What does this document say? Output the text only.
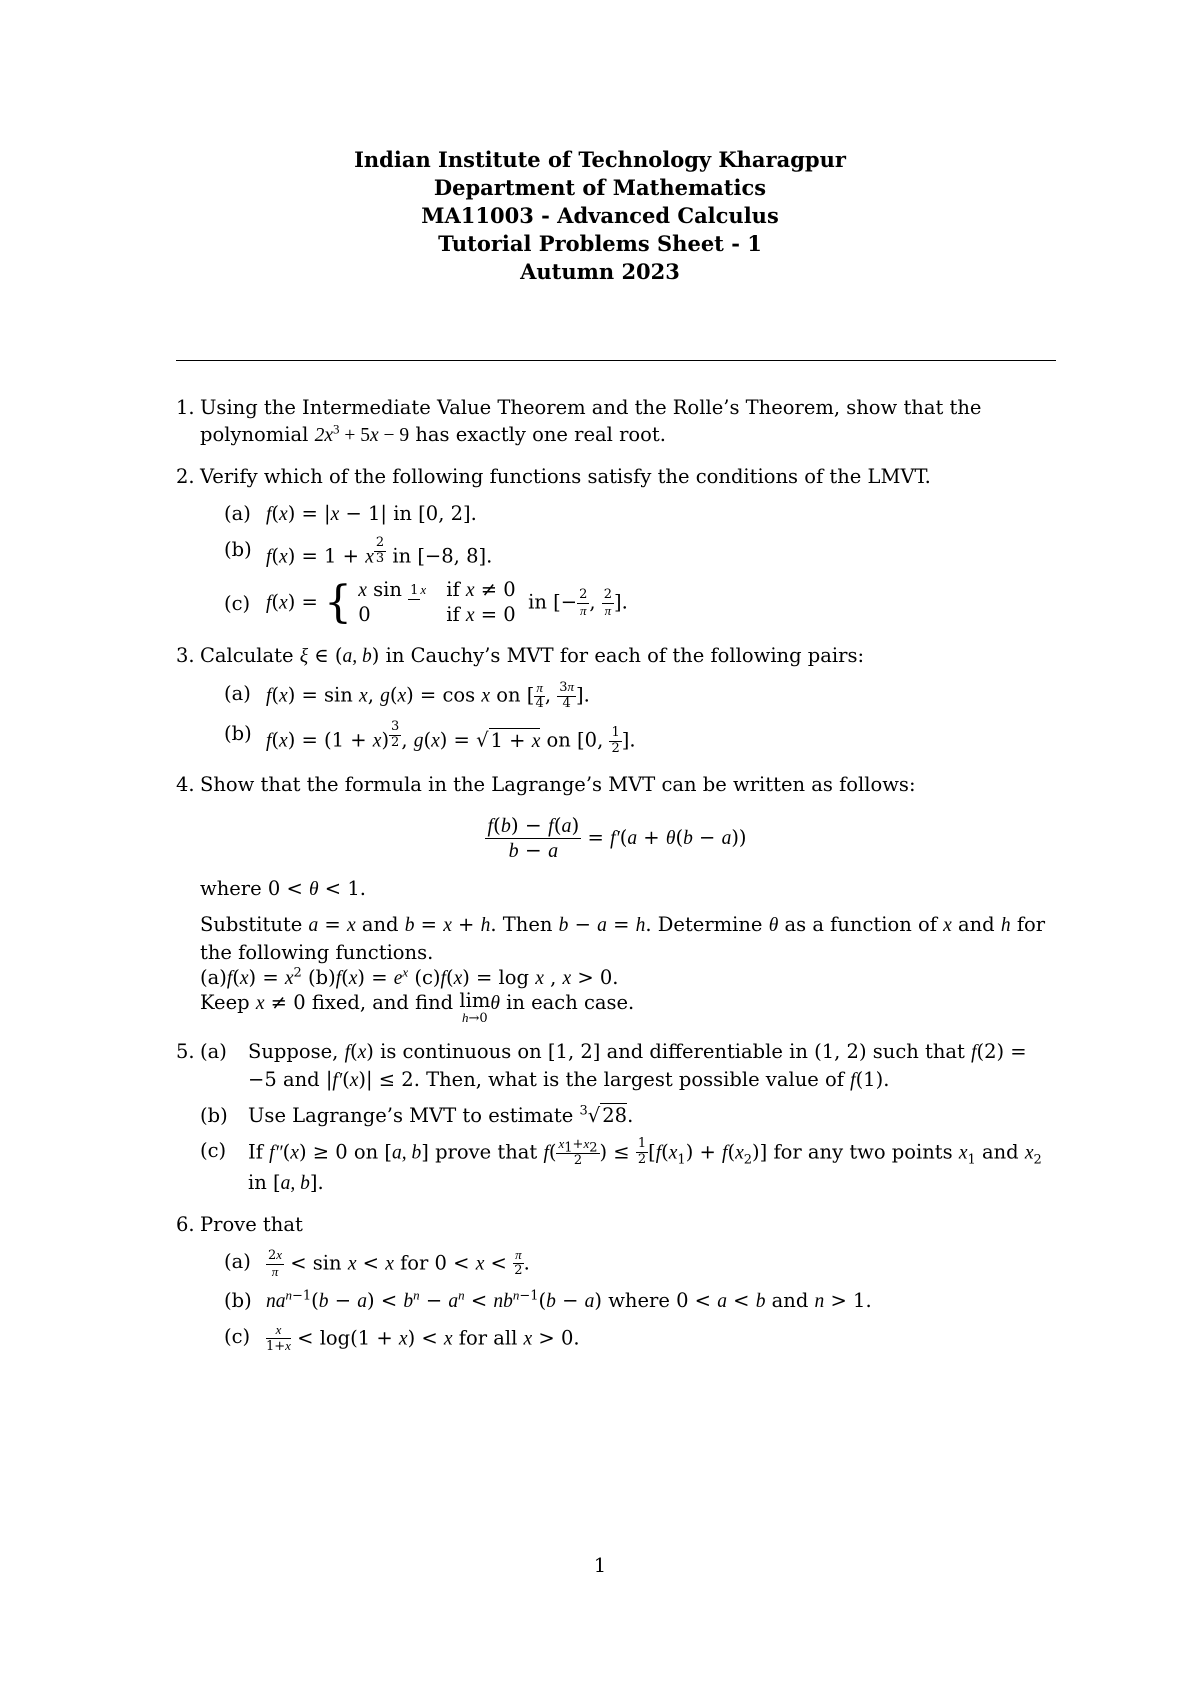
Indian Institute of Technology Kharagpur
Department of Mathematics
MA11003 - Advanced Calculus
Tutorial Problems Sheet - 1
Autumn 2023
1. Using the Intermediate Value Theorem and the Rolle’s Theorem, show that the polynomial $2x^3 + 5x - 9$ has exactly one real root.
2. Verify which of the following functions satisfy the conditions of the LMVT.
(a) f(x) = |x − 1| in [0, 2].
(b) f(x) = 1 + x $^{\frac{2}{3}}$ in [−8, 8].
(c) f(x) = { x sin 1 x if x ≠ 0
0	if x = 0
in [− $\frac{2}{\pi}$ , $\frac{2}{\pi}$ ].
3. Calculate ξ ∈ (a, b) in Cauchy’s MVT for each of the following pairs:
(a) f(x) = sin x, g(x) = cos x on [ $\frac{\pi}{4}$ , $\frac{3\pi}{4}$ ].
(b) f(x) = (1 + x) $^{\frac{3}{2}}$ , g(x) = √ 1 + x on [0, $\frac{1}{2}$ ].
4. Show that the formula in the Lagrange’s MVT can be written as follows:
$\frac{f(b) - f(a)}{b - a} = f'(a + \theta(b - a))$
where 0 < θ < 1.
Substitute a = x and b = x + h. Then b − a = h. Determine θ as a function of x and h for the following functions.
$(a)f(x) = x^2$ $(b)f(x) = e^x$ (c)f(x) = log x , x > 0.
Keep x ≠ 0 fixed, and find lim
h→0
θ in each case.
5. (a) Suppose, f(x) is continuous on [1, 2] and differentiable in (1, 2) such that f(2) = −5 and |f′(x)| ≤ 2. Then, what is the largest possible value of f(1).
(b) Use Lagrange’s MVT to estimate $^3$√ 28.
(c) If f″(x) ≥ 0 on [a, b] prove that $f( \frac{x_1+x_2}{2}$ ) ≤ $\frac{1}{2} [f(x_1) + f(x_2)]$ for any two points $x_1$ and $x_2$ in [a, b].
6. Prove that
$(a) \frac{2x}{\pi} < \sin x < x$ for $0 < x < \frac{\pi}{2}$ .
(b) $na^{n-1}(b - a) < b^n - a^n < nb^{n-1}(b - a)$ where 0 < a < b and n > 1.
$(c) \frac{x}{1+x} < \log(1 + x) < x$ for all x > 0.
1
